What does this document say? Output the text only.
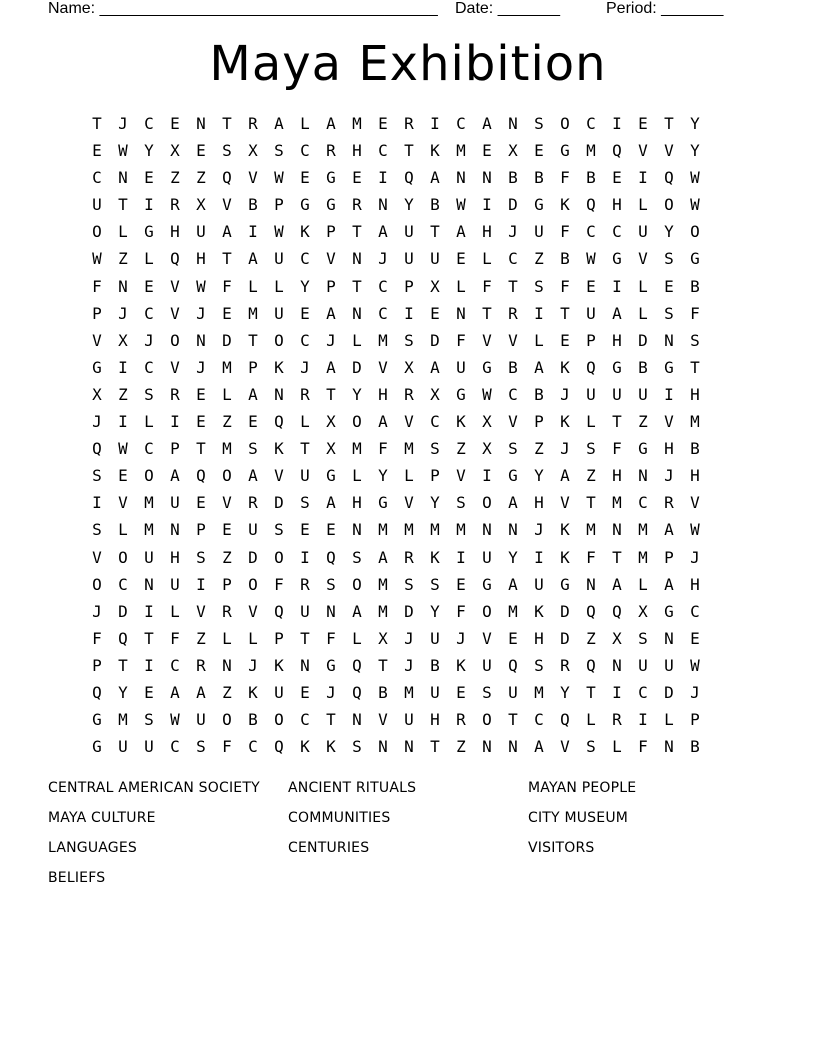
Name: ______________________________________ Date: _______	Period: _______
Maya Exhibition
T	J	C	E	N	T	R	A	L	A	M	E	R	I	C	A	N	S	O	C	I	E	T	Y
E	W	Y	X	E	S	X	S	C	R	H	C	T	K	M	E	X	E	G	M	Q	V	V	Y
C	N	E	Z	Z	Q	V	W	E	G	E	I	Q	A	N	N	B	B	F	B	E	I	Q	W
U	T	I	R	X	V	B	P	G	G	R	N	Y	B	W	I	D	G	K	Q	H	L	O	W
O	L	G	H	U	A	I	W	K	P	T	A	U	T	A	H	J	U	F	C	C	U	Y	O
W	Z	L	Q	H	T	A	U	C	V	N	J	U	U	E	L	C	Z	B	W	G	V	S	G
F	N	E	V	W	F	L	L	Y	P	T	C	P	X	L	F	T	S	F	E	I	L	E	B
P	J	C	V	J	E	M	U	E	A	N	C	I	E	N	T	R	I	T	U	A	L	S	F
V	X	J	O	N	D	T	O	C	J	L	M	S	D	F	V	V	L	E	P	H	D	N	S
G	I	C	V	J	M	P	K	J	A	D	V	X	A	U	G	B	A	K	Q	G	B	G	T
X	Z	S	R	E	L	A	N	R	T	Y	H	R	X	G	W	C	B	J	U	U	U	I	H
J	I	L	I	E	Z	E	Q	L	X	O	A	V	C	K	X	V	P	K	L	T	Z	V	M
Q	W	C	P	T	M	S	K	T	X	M	F	M	S	Z	X	S	Z	J	S	F	G	H	B
S	E	O	A	Q	O	A	V	U	G	L	Y	L	P	V	I	G	Y	A	Z	H	N	J	H
I	V	M	U	E	V	R	D	S	A	H	G	V	Y	S	O	A	H	V	T	M	C	R	V
S	L	M	N	P	E	U	S	E	E	N	M	M	M	M	N	N	J	K	M	N	M	A	W
V	O	U	H	S	Z	D	O	I	Q	S	A	R	K	I	U	Y	I	K	F	T	M	P	J
O	C	N	U	I	P	O	F	R	S	O	M	S	S	E	G	A	U	G	N	A	L	A	H
J	D	I	L	V	R	V	Q	U	N	A	M	D	Y	F	O	M	K	D	Q	Q	X	G	C
F	Q	T	F	Z	L	L	P	T	F	L	X	J	U	J	V	E	H	D	Z	X	S	N	E
P	T	I	C	R	N	J	K	N	G	Q	T	J	B	K	U	Q	S	R	Q	N	U	U	W
Q	Y	E	A	A	Z	K	U	E	J	Q	B	M	U	E	S	U	M	Y	T	I	C	D	J
G	M	S	W	U	O	B	O	C	T	N	V	U	H	R	O	T	C	Q	L	R	I	L	P
G	U	U	C	S	F	C	Q	K	K	S	N	N	T	Z	N	N	A	V	S	L	F	N	B
CENTRAL AMERICAN SOCIETY	ANCIENT RITUALS	MAYAN PEOPLE
MAYA CULTURE	COMMUNITIES	CITY MUSEUM
LANGUAGES	CENTURIES	VISITORS
BELIEFS
